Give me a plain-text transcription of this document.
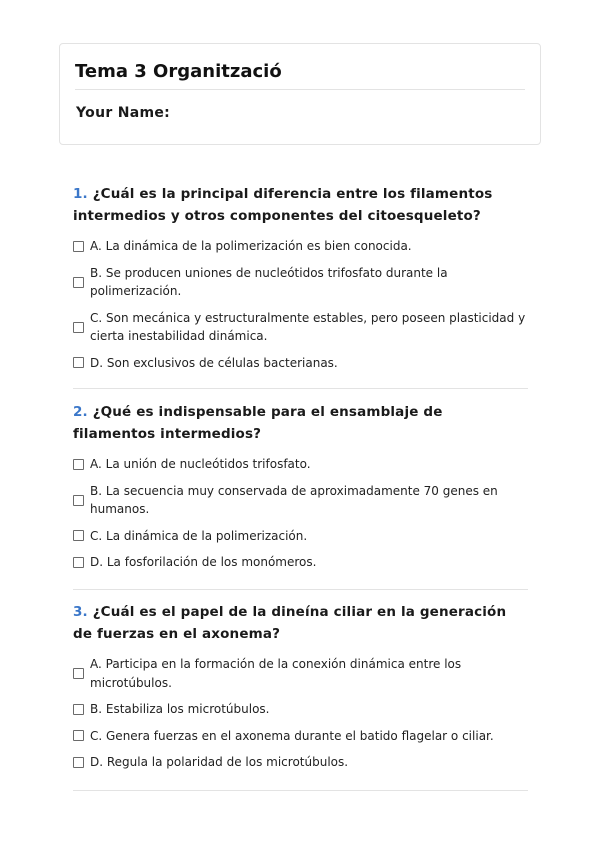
Tema 3 Organització
Your Name:

1. ¿Cuál es la principal diferencia entre los filamentos intermedios y otros componentes del citoesqueleto?

A. La dinámica de la polimerización es bien conocida.
B. Se producen uniones de nucleótidos trifosfato durante la polimerización.
C. Son mecánica y estructuralmente estables, pero poseen plasticidad y cierta inestabilidad dinámica.
D. Son exclusivos de células bacterianas.

2. ¿Qué es indispensable para el ensamblaje de filamentos intermedios?

A. La unión de nucleótidos trifosfato.
B. La secuencia muy conservada de aproximadamente 70 genes en humanos.
C. La dinámica de la polimerización.
D. La fosforilación de los monómeros.

3. ¿Cuál es el papel de la dineína ciliar en la generación de fuerzas en el axonema?

A. Participa en la formación de la conexión dinámica entre los microtúbulos.
B. Estabiliza los microtúbulos.
C. Genera fuerzas en el axonema durante el batido flagelar o ciliar.
D. Regula la polaridad de los microtúbulos.
